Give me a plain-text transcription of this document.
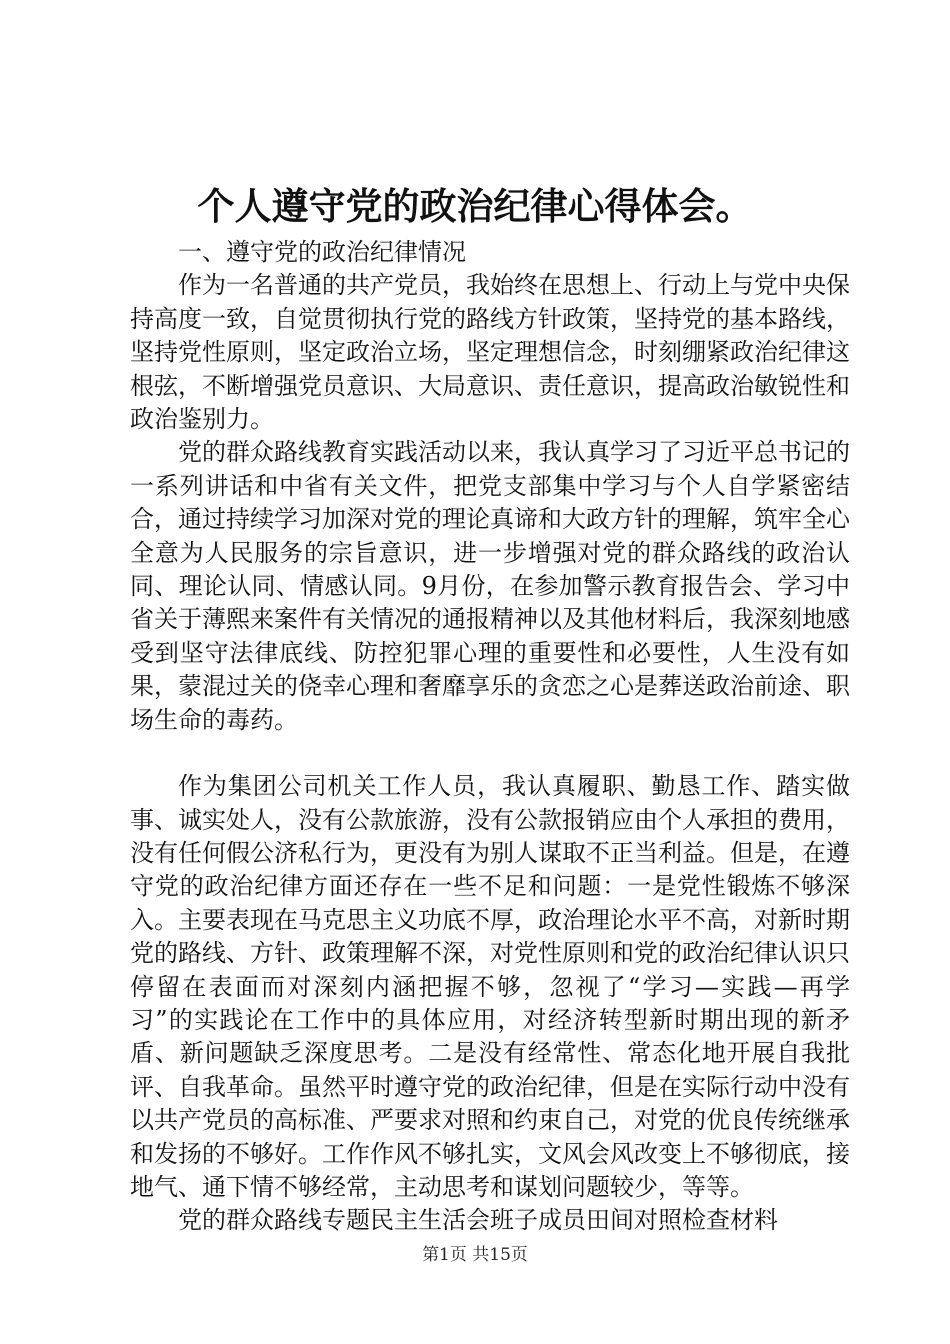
个人遵守党的政治纪律心得体会。

一、遵守党的政治纪律情况

作为一名普通的共产党员，我始终在思想上、行动上与党中央保持高度一致，自觉贯彻执行党的路线方针政策，坚持党的基本路线，坚持党性原则，坚定政治立场，坚定理想信念，时刻绷紧政治纪律这根弦，不断增强党员意识、大局意识、责任意识，提高政治敏锐性和政治鉴别力。

党的群众路线教育实践活动以来，我认真学习了习近平总书记的一系列讲话和中省有关文件，把党支部集中学习与个人自学紧密结合，通过持续学习加深对党的理论真谛和大政方针的理解，筑牢全心全意为人民服务的宗旨意识，进一步增强对党的群众路线的政治认同、理论认同、情感认同。9月份，在参加警示教育报告会、学习中省关于薄熙来案件有关情况的通报精神以及其他材料后，我深刻地感受到坚守法律底线、防控犯罪心理的重要性和必要性，人生没有如果，蒙混过关的侥幸心理和奢靡享乐的贪恋之心是葬送政治前途、职场生命的毒药。

作为集团公司机关工作人员，我认真履职、勤恳工作、踏实做事、诚实处人，没有公款旅游，没有公款报销应由个人承担的费用，没有任何假公济私行为，更没有为别人谋取不正当利益。但是，在遵守党的政治纪律方面还存在一些不足和问题：一是党性锻炼不够深入。主要表现在马克思主义功底不厚，政治理论水平不高，对新时期党的路线、方针、政策理解不深，对党性原则和党的政治纪律认识只停留在表面而对深刻内涵把握不够，忽视了“学习—实践—再学习”的实践论在工作中的具体应用，对经济转型新时期出现的新矛盾、新问题缺乏深度思考。二是没有经常性、常态化地开展自我批评、自我革命。虽然平时遵守党的政治纪律，但是在实际行动中没有以共产党员的高标准、严要求对照和约束自己，对党的优良传统继承和发扬的不够好。工作作风不够扎实，文风会风改变上不够彻底，接地气、通下情不够经常，主动思考和谋划问题较少，等等。

党的群众路线专题民主生活会班子成员田间对照检查材料

第1页 共15页
